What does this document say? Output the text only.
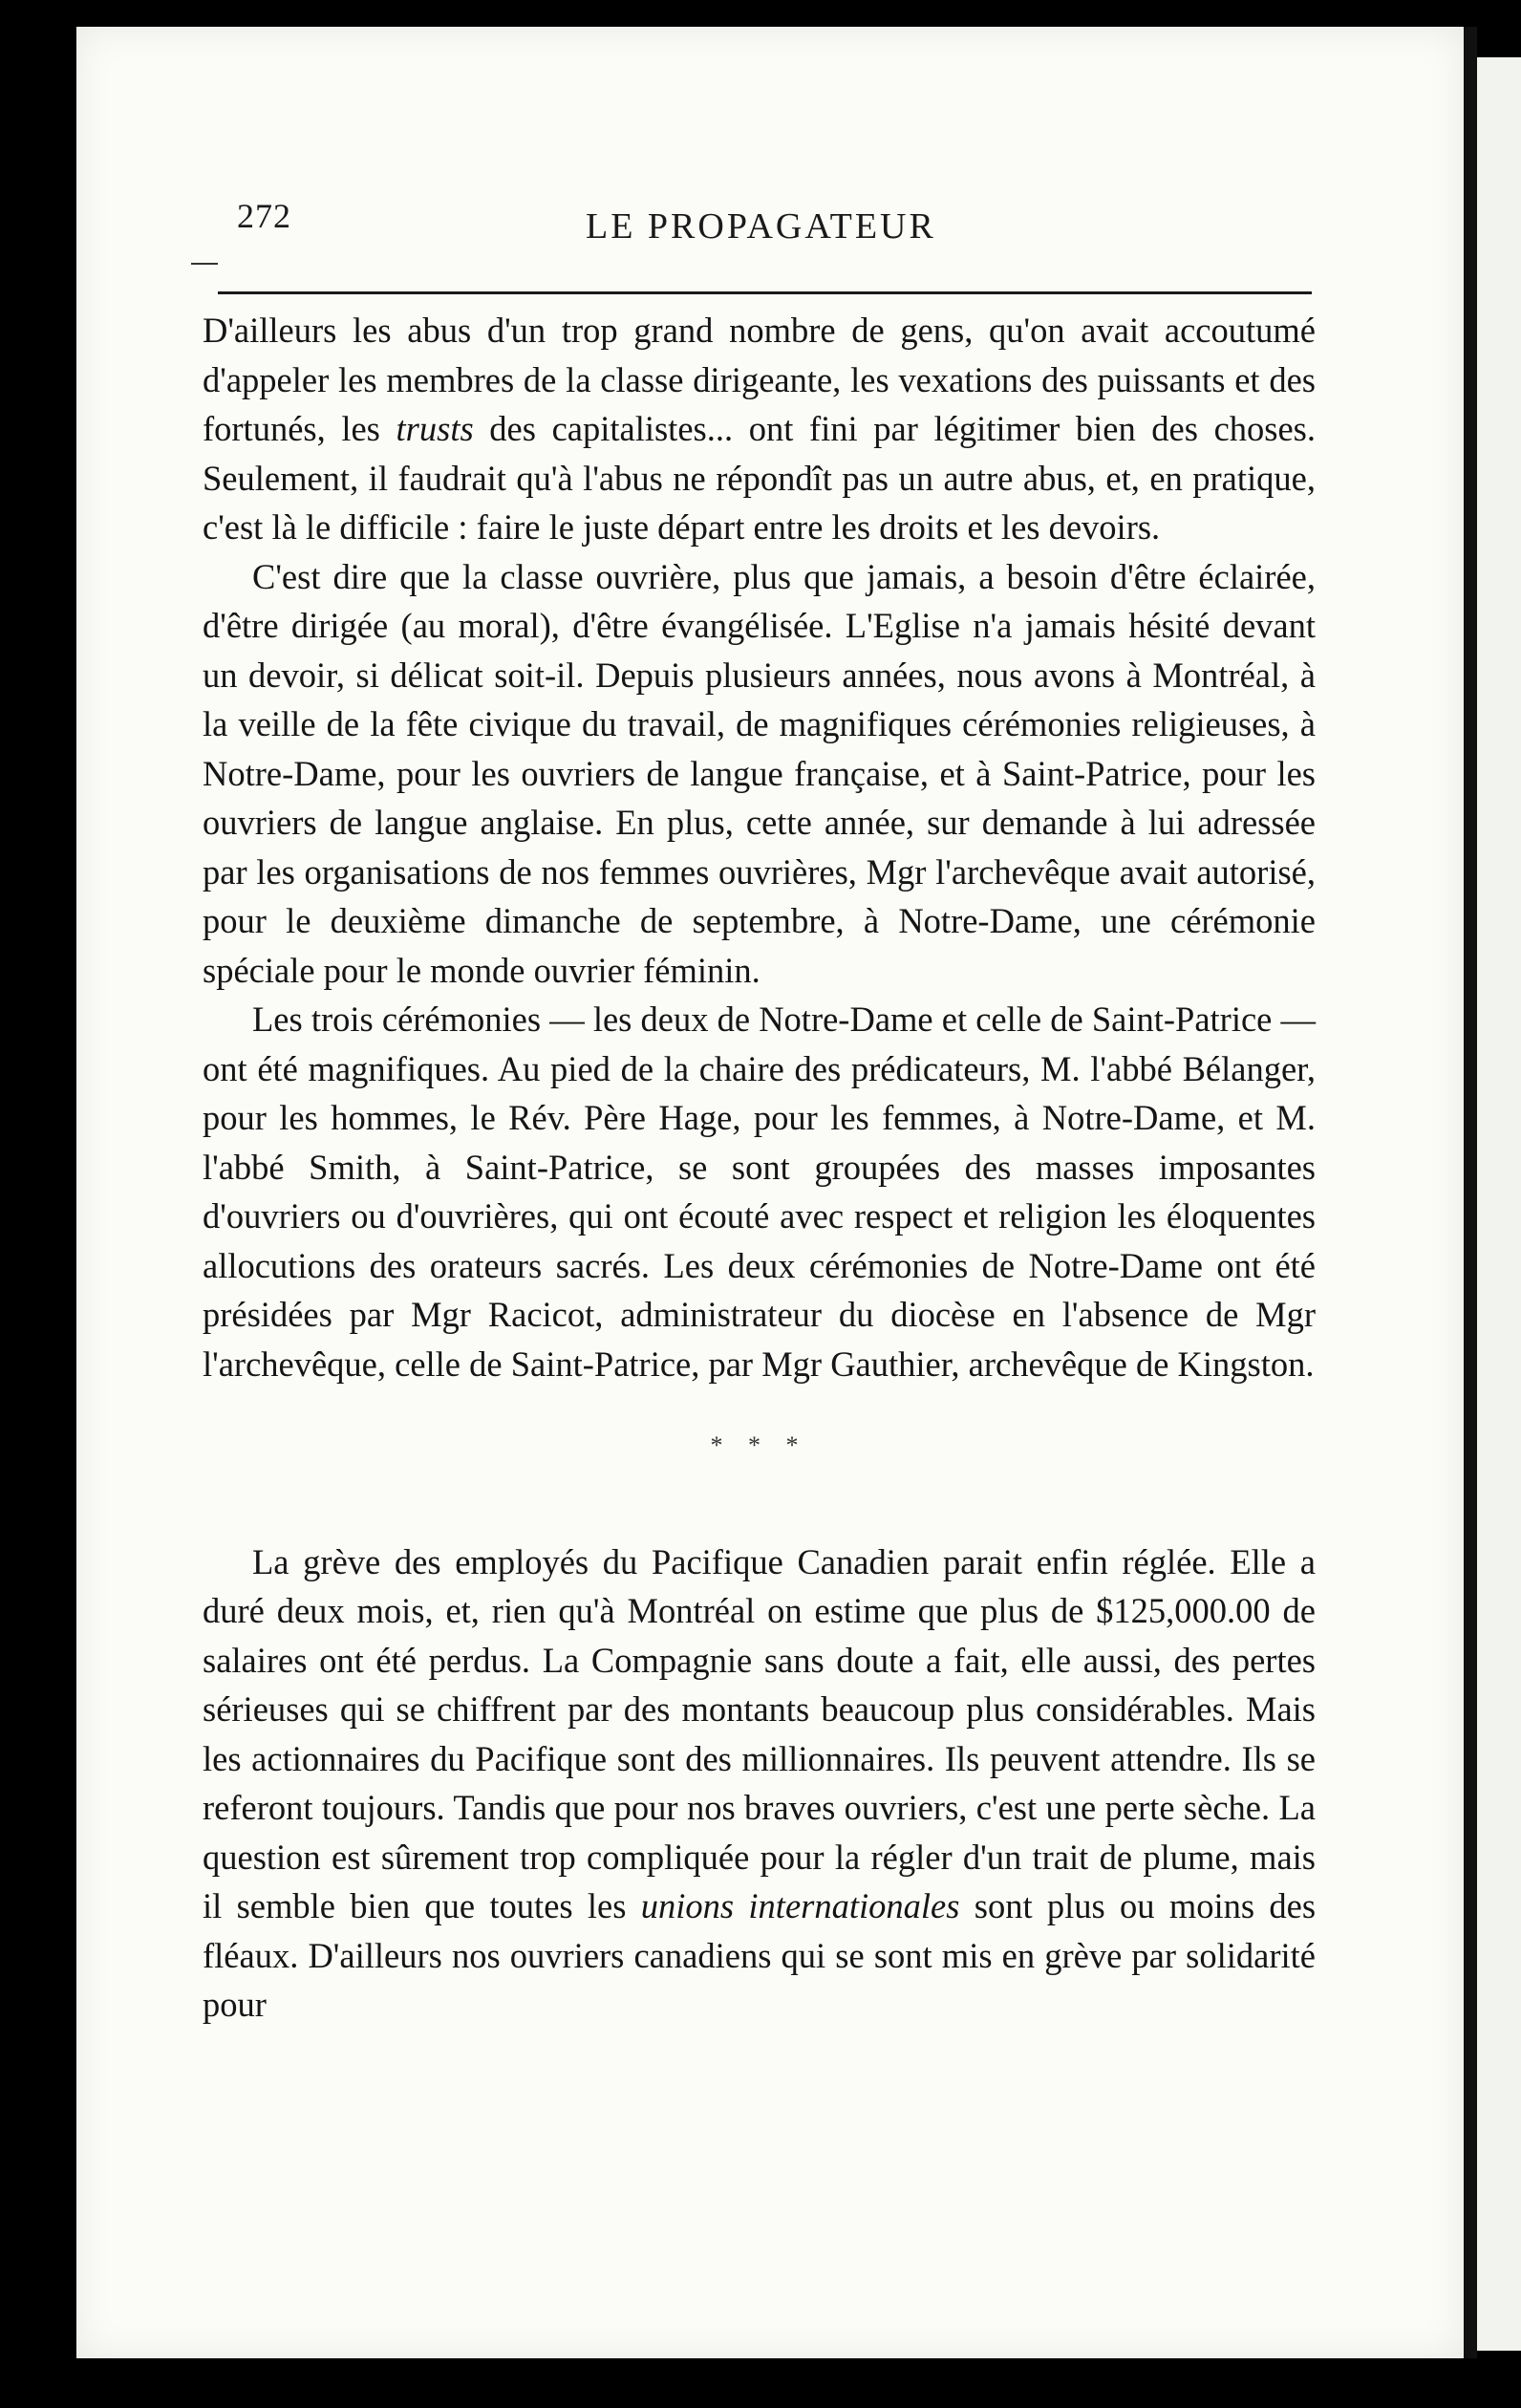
272	LE PROPAGATEUR

D'ailleurs les abus d'un trop grand nombre de gens, qu'on avait accoutumé d'appeler les membres de la classe dirigeante, les vexations des puissants et des fortunés, les trusts des capitalistes... ont fini par légitimer bien des choses. Seulement, il faudrait qu'à l'abus ne répondît pas un autre abus, et, en pratique, c'est là le difficile : faire le juste départ entre les droits et les devoirs.

C'est dire que la classe ouvrière, plus que jamais, a besoin d'être éclairée, d'être dirigée (au moral), d'être évangélisée. L'Eglise n'a jamais hésité devant un devoir, si délicat soit-il. Depuis plusieurs années, nous avons à Montréal, à la veille de la fête civique du travail, de magnifiques cérémonies religieuses, à Notre-Dame, pour les ouvriers de langue française, et à Saint-Patrice, pour les ouvriers de langue anglaise. En plus, cette année, sur demande à lui adressée par les organisations de nos femmes ouvrières, Mgr l'archevêque avait autorisé, pour le deuxième dimanche de septembre, à Notre-Dame, une cérémonie spéciale pour le monde ouvrier féminin.

Les trois cérémonies — les deux de Notre-Dame et celle de Saint-Patrice — ont été magnifiques. Au pied de la chaire des prédicateurs, M. l'abbé Bélanger, pour les hommes, le Rév. Père Hage, pour les femmes, à Notre-Dame, et M. l'abbé Smith, à Saint-Patrice, se sont groupées des masses imposantes d'ouvriers ou d'ouvrières, qui ont écouté avec respect et religion les éloquentes allocutions des orateurs sacrés. Les deux cérémonies de Notre-Dame ont été présidées par Mgr Racicot, administrateur du diocèse en l'absence de Mgr l'archevêque, celle de Saint-Patrice, par Mgr Gauthier, archevêque de Kingston.

* * *

La grève des employés du Pacifique Canadien parait enfin réglée. Elle a duré deux mois, et, rien qu'à Montréal on estime que plus de $125,000.00 de salaires ont été perdus. La Compagnie sans doute a fait, elle aussi, des pertes sérieuses qui se chiffrent par des montants beaucoup plus considérables. Mais les actionnaires du Pacifique sont des millionnaires. Ils peuvent attendre. Ils se referont toujours. Tandis que pour nos braves ouvriers, c'est une perte sèche. La question est sûrement trop compliquée pour la régler d'un trait de plume, mais il semble bien que toutes les unions internationales sont plus ou moins des fléaux. D'ailleurs nos ouvriers canadiens qui se sont mis en grève par solidarité pour
